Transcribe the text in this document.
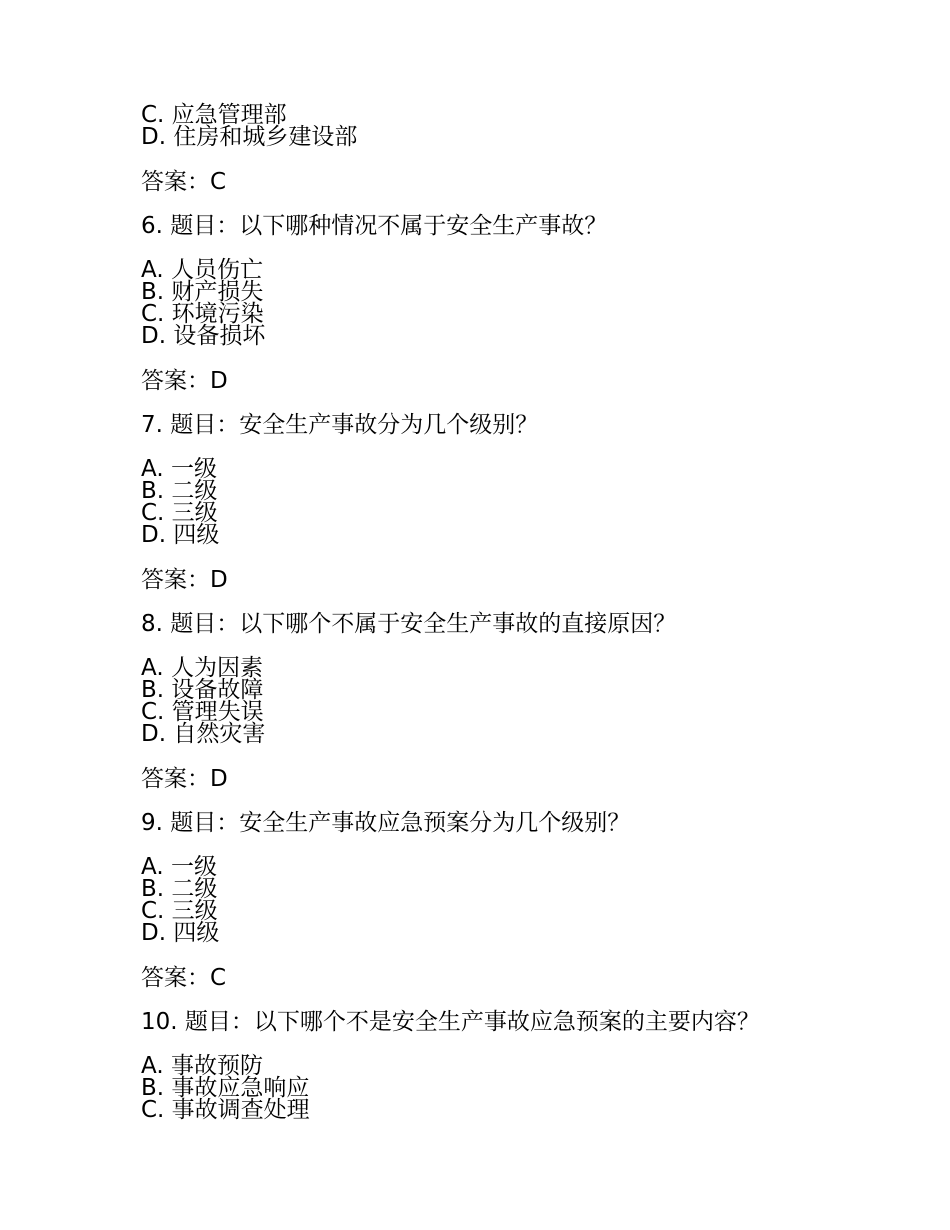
C. 应急管理部
D. 住房和城乡建设部
答案：C
6. 题目：以下哪种情况不属于安全生产事故？
A. 人员伤亡
B. 财产损失
C. 环境污染
D. 设备损坏
答案：D
7. 题目：安全生产事故分为几个级别？
A. 一级
B. 二级
C. 三级
D. 四级
答案：D
8. 题目：以下哪个不属于安全生产事故的直接原因？
A. 人为因素
B. 设备故障
C. 管理失误
D. 自然灾害
答案：D
9. 题目：安全生产事故应急预案分为几个级别？
A. 一级
B. 二级
C. 三级
D. 四级
答案：C
10. 题目：以下哪个不是安全生产事故应急预案的主要内容？
A. 事故预防
B. 事故应急响应
C. 事故调查处理
